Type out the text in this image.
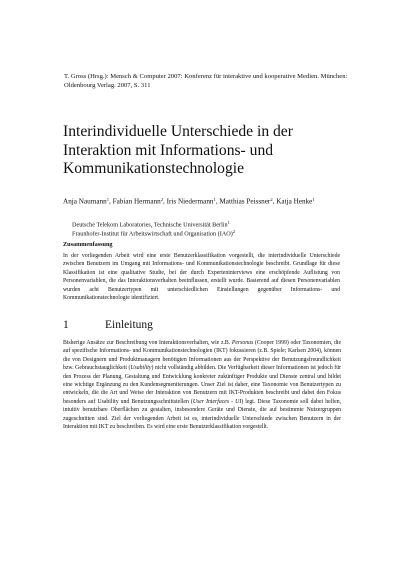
T. Gross (Hrsg.): Mensch & Computer 2007: Konferenz für interaktive und kooperative Medien. München: Oldenbourg Verlag. 2007, S. 311
Interindividuelle Unterschiede in der Interaktion mit Informations- und Kommunikationstechnologie
Anja Naumann$^1$, Fabian Hermann$^2$, Iris Niedermann$^1$, Matthias Peissner$^2$, Katja Henke$^1$
Deutsche Telekom Laboratories, Technische Universität Berlin$^1$
Fraunhofer-Institut für Arbeitswirtschaft und Organisation (IAO)$^2$
Zusammenfassung
In der vorliegenden Arbeit wird eine erste Benutzerklassifikation vorgestellt, die interindividuelle Unterschiede zwischen Benutzern im Umgang mit Informations- und Kommunikationstechnologie beschreibt. Grundlage für diese Klassifikation ist eine qualitative Studie, bei der durch Experteninterviews eine erschöpfende Auflistung von Personenvariablen, die das Interaktionsverhalten beeinflussen, erstellt wurde. Basierend auf diesen Personenvariablen wurden acht Benutzertypen mit unterschiedlichen Einstellungen gegenüber Informations- und Kommunikationstechnologie identifiziert.
1	Einleitung

Bisherige Ansätze zur Beschreibung von Interaktionsverhalten, wie z.B. Personas (Cooper 1999) oder Taxonomien, die auf spezifische Informations- und Kommunikationstechnologien (IKT) fokussieren (z.B. Spiele; Karlsen 2004), können die von Designern und Produktmanagern benötigten Informationen aus der Perspektive der Benutzungsfreundlichkeit bzw. Gebrauchstauglichkeit (Usability) nicht vollständig abbilden. Die Verfügbarkeit dieser Informationen ist jedoch für den Prozess der Planung, Gestaltung und Entwicklung konkreter zukünftiger Produkte und Dienste zentral und bildet eine wichtige Ergänzung zu den Kundensegmentierungen. Unser Ziel ist daher, eine Taxonomie von Benutzertypen zu entwickeln, die die Art und Weise der Interaktion von Benutzern mit IKT-Produkten beschreibt und dabei den Fokus besonders auf Usability und Benutzungsschnittstellen (User Interfaces - UI) legt. Diese Taxonomie soll dabei helfen, intuitiv benutzbare Oberflächen zu gestalten, insbesondere Geräte und Dienste, die auf bestimmte Nutzergruppen zugeschnitten sind. Ziel der vorliegenden Arbeit ist es, interindividuelle Unterschiede zwischen Benutzern in der Interaktion mit IKT zu beschreiben. Es wird eine erste Benutzerklassifikation vorgestellt.
